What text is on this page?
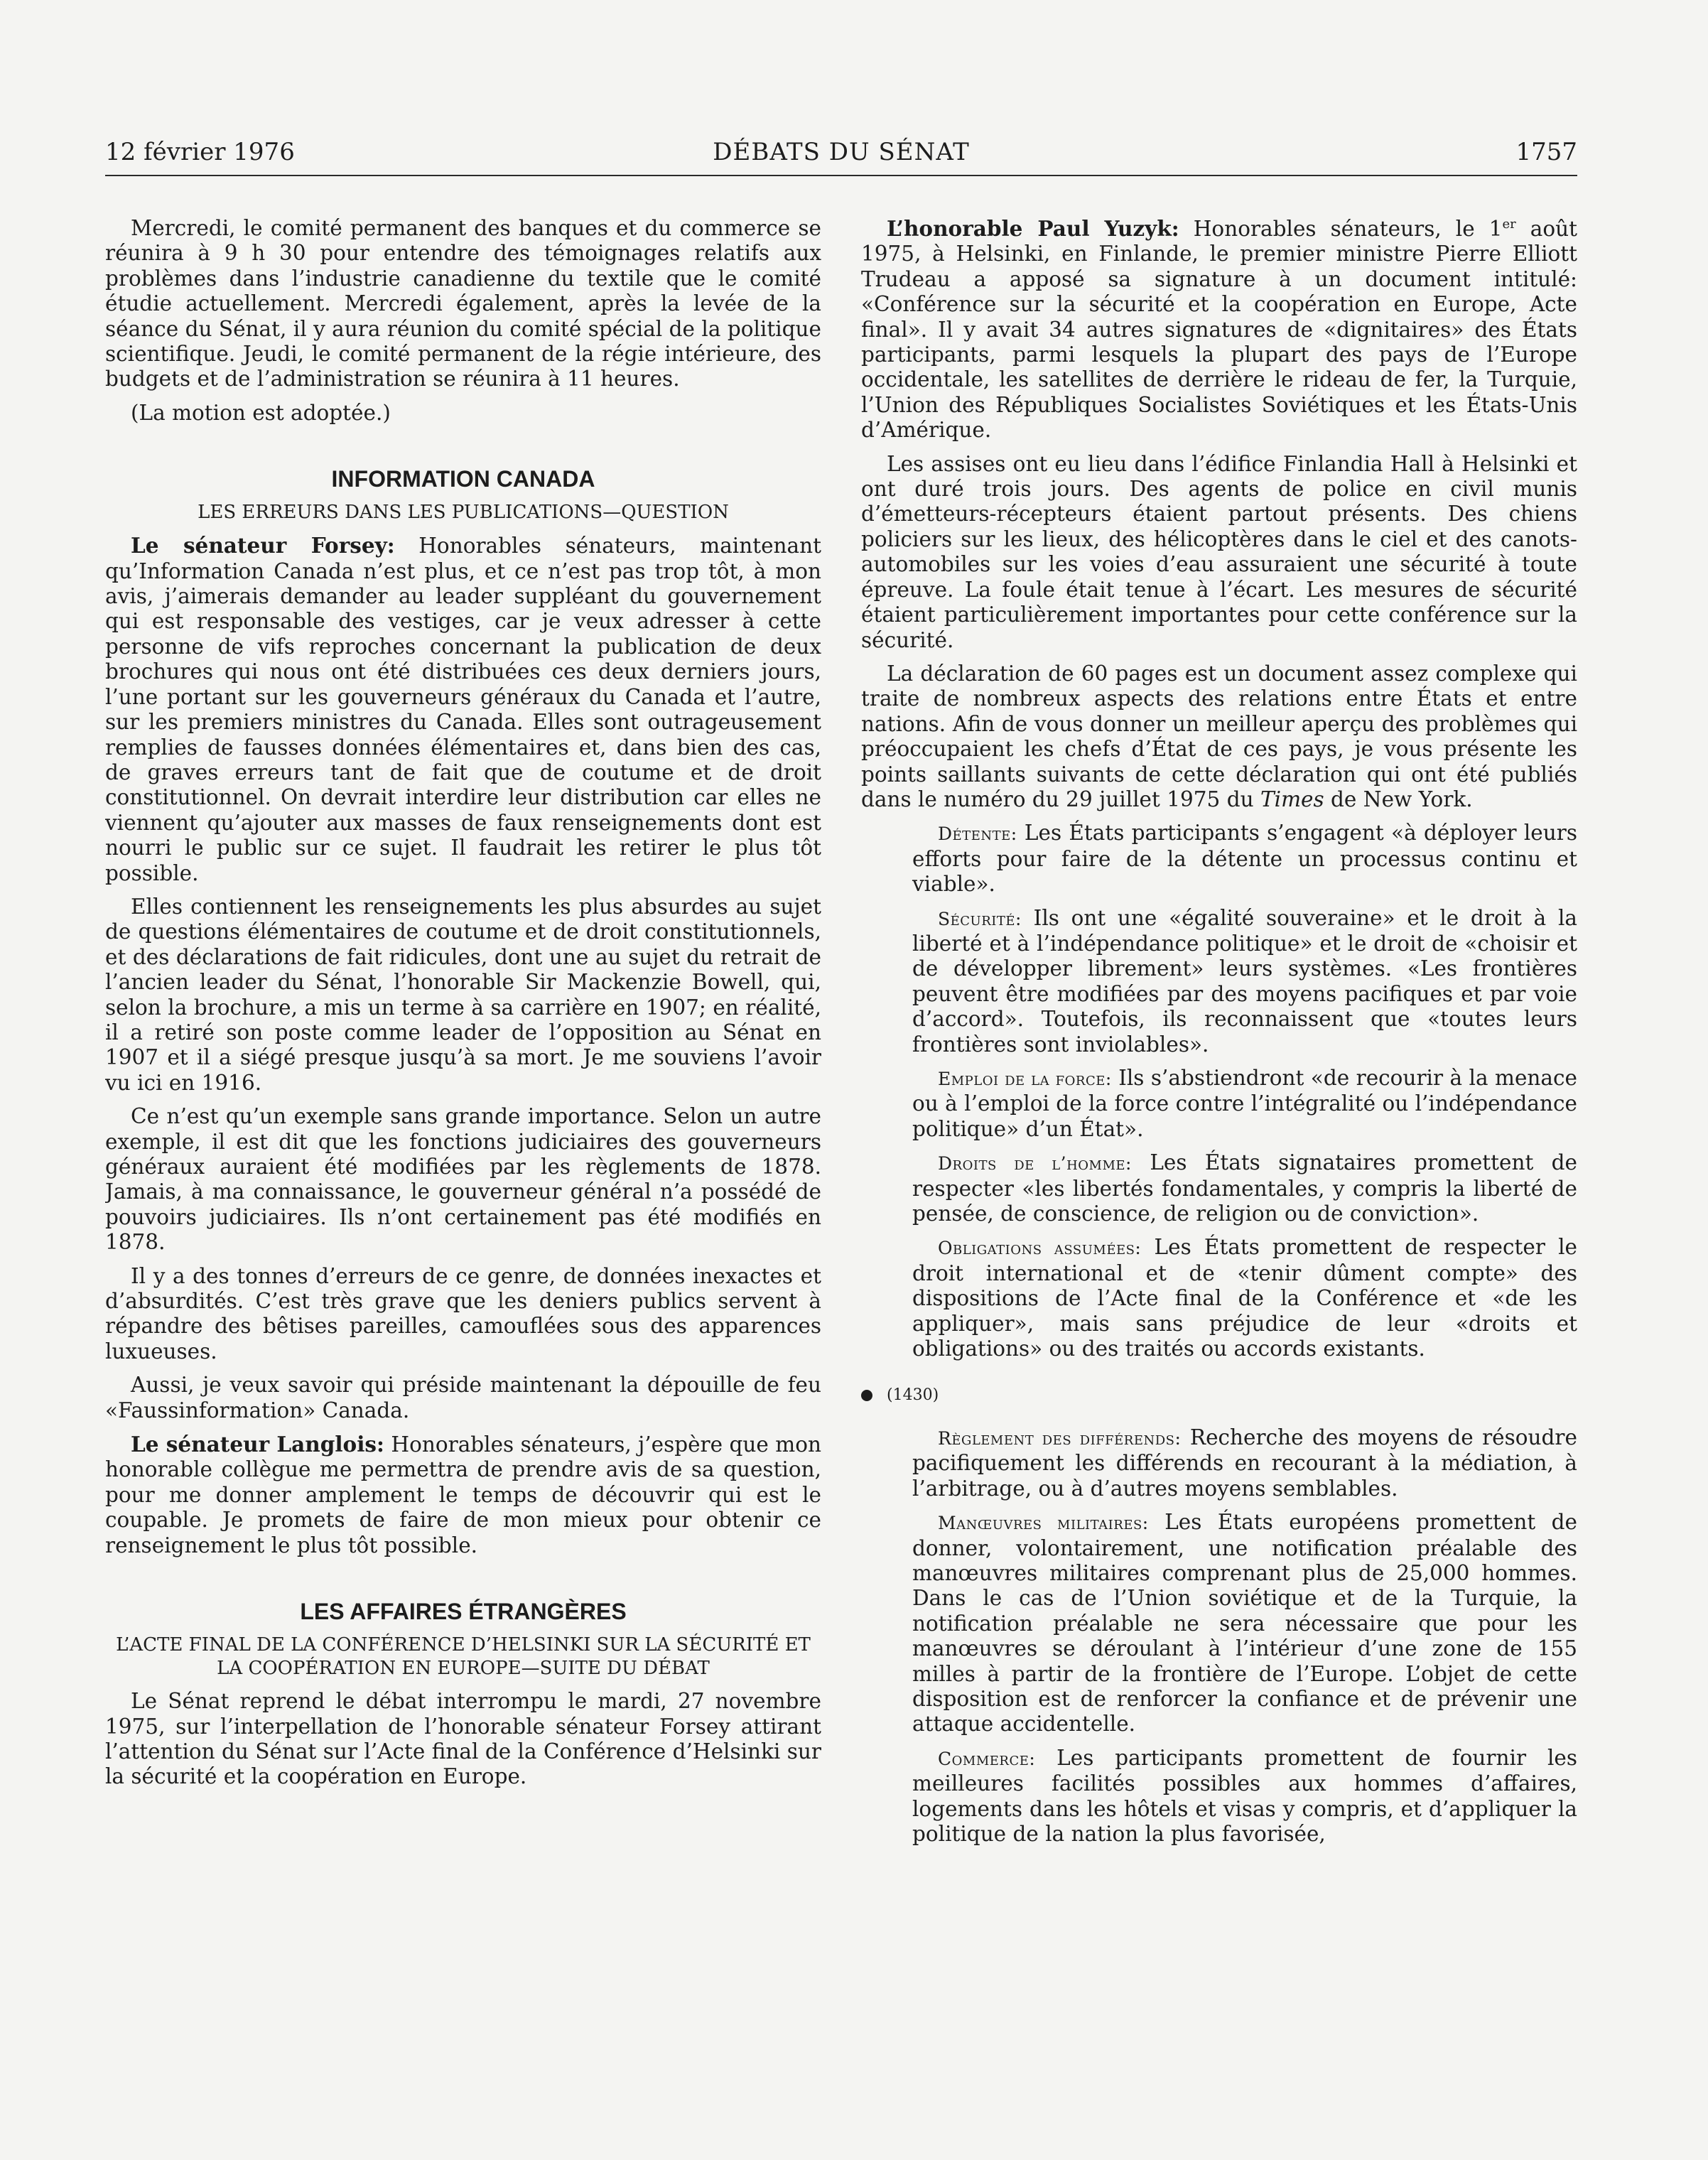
12 février 1976	DÉBATS DU SÉNAT	1757

Mercredi, le comité permanent des banques et du commerce se réunira à 9 h 30 pour entendre des témoignages relatifs aux problèmes dans l’industrie canadienne du textile que le comité étudie actuellement. Mercredi également, après la levée de la séance du Sénat, il y aura réunion du comité spécial de la politique scientifique. Jeudi, le comité permanent de la régie intérieure, des budgets et de l’administration se réunira à 11 heures.

(La motion est adoptée.)

INFORMATION CANADA
LES ERREURS DANS LES PUBLICATIONS—QUESTION

Le sénateur Forsey: Honorables sénateurs, maintenant qu’Information Canada n’est plus, et ce n’est pas trop tôt, à mon avis, j’aimerais demander au leader suppléant du gouvernement qui est responsable des vestiges, car je veux adresser à cette personne de vifs reproches concernant la publication de deux brochures qui nous ont été distribuées ces deux derniers jours, l’une portant sur les gouverneurs généraux du Canada et l’autre, sur les premiers ministres du Canada. Elles sont outrageusement remplies de fausses données élémentaires et, dans bien des cas, de graves erreurs tant de fait que de coutume et de droit constitutionnel. On devrait interdire leur distribution car elles ne viennent qu’ajouter aux masses de faux renseignements dont est nourri le public sur ce sujet. Il faudrait les retirer le plus tôt possible.

Elles contiennent les renseignements les plus absurdes au sujet de questions élémentaires de coutume et de droit constitutionnels, et des déclarations de fait ridicules, dont une au sujet du retrait de l’ancien leader du Sénat, l’honorable Sir Mackenzie Bowell, qui, selon la brochure, a mis un terme à sa carrière en 1907; en réalité, il a retiré son poste comme leader de l’opposition au Sénat en 1907 et il a siégé presque jusqu’à sa mort. Je me souviens l’avoir vu ici en 1916.

Ce n’est qu’un exemple sans grande importance. Selon un autre exemple, il est dit que les fonctions judiciaires des gouverneurs généraux auraient été modifiées par les règlements de 1878. Jamais, à ma connaissance, le gouverneur général n’a possédé de pouvoirs judiciaires. Ils n’ont certainement pas été modifiés en 1878.

Il y a des tonnes d’erreurs de ce genre, de données inexactes et d’absurdités. C’est très grave que les deniers publics servent à répandre des bêtises pareilles, camouflées sous des apparences luxueuses.

Aussi, je veux savoir qui préside maintenant la dépouille de feu «Faussinformation» Canada.

Le sénateur Langlois: Honorables sénateurs, j’espère que mon honorable collègue me permettra de prendre avis de sa question, pour me donner amplement le temps de découvrir qui est le coupable. Je promets de faire de mon mieux pour obtenir ce renseignement le plus tôt possible.

LES AFFAIRES ÉTRANGÈRES
L’ACTE FINAL DE LA CONFÉRENCE D’HELSINKI SUR LA SÉCURITÉ ET LA COOPÉRATION EN EUROPE—SUITE DU DÉBAT

Le Sénat reprend le débat interrompu le mardi, 27 novembre 1975, sur l’interpellation de l’honorable sénateur Forsey attirant l’attention du Sénat sur l’Acte final de la Conférence d’Helsinki sur la sécurité et la coopération en Europe.

L’honorable Paul Yuzyk: Honorables sénateurs, le 1er août 1975, à Helsinki, en Finlande, le premier ministre Pierre Elliott Trudeau a apposé sa signature à un document intitulé: «Conférence sur la sécurité et la coopération en Europe, Acte final». Il y avait 34 autres signatures de «dignitaires» des États participants, parmi lesquels la plupart des pays de l’Europe occidentale, les satellites de derrière le rideau de fer, la Turquie, l’Union des Républiques Socialistes Soviétiques et les États-Unis d’Amérique.

Les assises ont eu lieu dans l’édifice Finlandia Hall à Helsinki et ont duré trois jours. Des agents de police en civil munis d’émetteurs-récepteurs étaient partout présents. Des chiens policiers sur les lieux, des hélicoptères dans le ciel et des canots-automobiles sur les voies d’eau assuraient une sécurité à toute épreuve. La foule était tenue à l’écart. Les mesures de sécurité étaient particulièrement importantes pour cette conférence sur la sécurité.

La déclaration de 60 pages est un document assez complexe qui traite de nombreux aspects des relations entre États et entre nations. Afin de vous donner un meilleur aperçu des problèmes qui préoccupaient les chefs d’État de ces pays, je vous présente les points saillants suivants de cette déclaration qui ont été publiés dans le numéro du 29 juillet 1975 du Times de New York.

Détente: Les États participants s’engagent «à déployer leurs efforts pour faire de la détente un processus continu et viable».

Sécurité: Ils ont une «égalité souveraine» et le droit à la liberté et à l’indépendance politique» et le droit de «choisir et de développer librement» leurs systèmes. «Les frontières peuvent être modifiées par des moyens pacifiques et par voie d’accord». Toutefois, ils reconnaissent que «toutes leurs frontières sont inviolables».

Emploi de la force: Ils s’abstiendront «de recourir à la menace ou à l’emploi de la force contre l’intégralité ou l’indépendance politique» d’un État».

Droits de l’homme: Les États signataires promettent de respecter «les libertés fondamentales, y compris la liberté de pensée, de conscience, de religion ou de conviction».

Obligations assumées: Les États promettent de respecter le droit international et de «tenir dûment compte» des dispositions de l’Acte final de la Conférence et «de les appliquer», mais sans préjudice de leur «droits et obligations» ou des traités ou accords existants.

(1430)

Règlement des différends: Recherche des moyens de résoudre pacifiquement les différends en recourant à la médiation, à l’arbitrage, ou à d’autres moyens semblables.

Manœuvres militaires: Les États européens promettent de donner, volontairement, une notification préalable des manœuvres militaires comprenant plus de 25,000 hommes. Dans le cas de l’Union soviétique et de la Turquie, la notification préalable ne sera nécessaire que pour les manœuvres se déroulant à l’intérieur d’une zone de 155 milles à partir de la frontière de l’Europe. L’objet de cette disposition est de renforcer la confiance et de prévenir une attaque accidentelle.

Commerce: Les participants promettent de fournir les meilleures facilités possibles aux hommes d’affaires, logements dans les hôtels et visas y compris, et d’appliquer la politique de la nation la plus favorisée,
